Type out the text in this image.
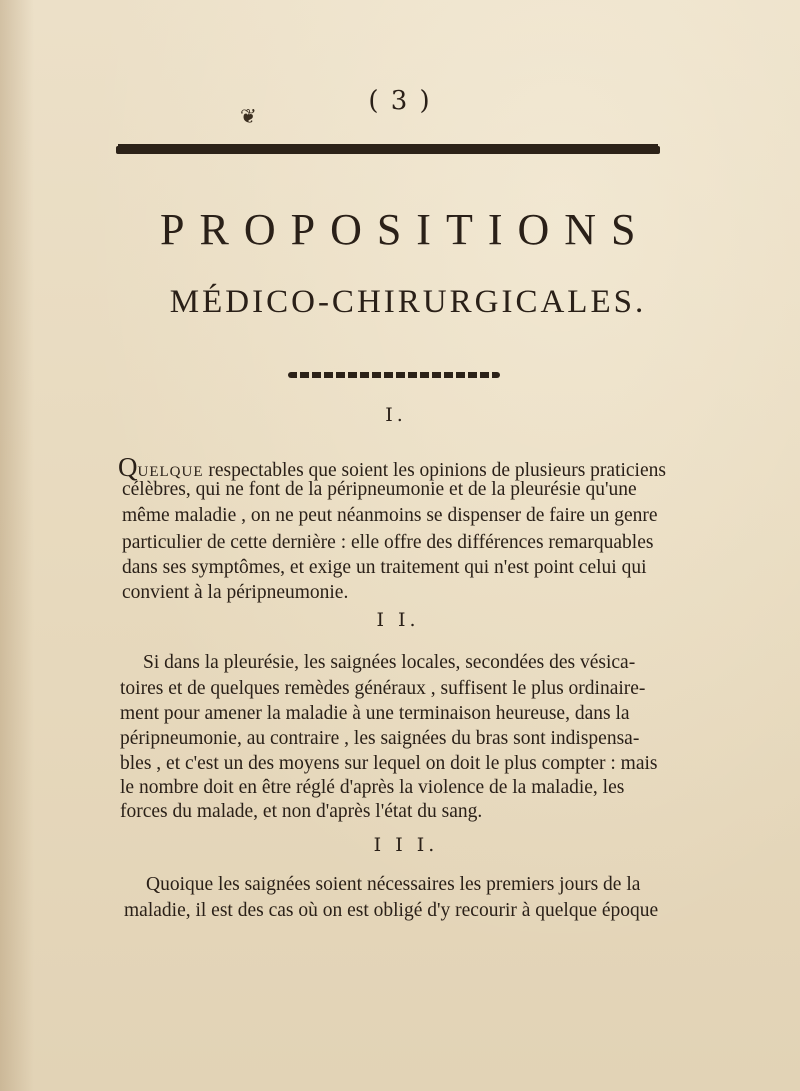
( 3 )
❦
PROPOSITIONS
MÉDICO-CHIRURGICALES.
I.
QUELQUE respectables que soient les opinions de plusieurs praticiens
célèbres, qui ne font de la péripneumonie et de la pleurésie qu'une
même maladie , on ne peut néanmoins se dispenser de faire un genre
particulier de cette dernière : elle offre des différences remarquables
dans ses symptômes, et exige un traitement qui n'est point celui qui
convient à la péripneumonie.
I I.
Si dans la pleurésie, les saignées locales, secondées des vésica-
toires et de quelques remèdes généraux , suffisent le plus ordinaire-
ment pour amener la maladie à une terminaison heureuse, dans la
péripneumonie, au contraire , les saignées du bras sont indispensa-
bles , et c'est un des moyens sur lequel on doit le plus compter : mais
le nombre doit en être réglé d'après la violence de la maladie, les
forces du malade, et non d'après l'état du sang.
I I I.
Quoique les saignées soient nécessaires les premiers jours de la
maladie, il est des cas où on est obligé d'y recourir à quelque époque
